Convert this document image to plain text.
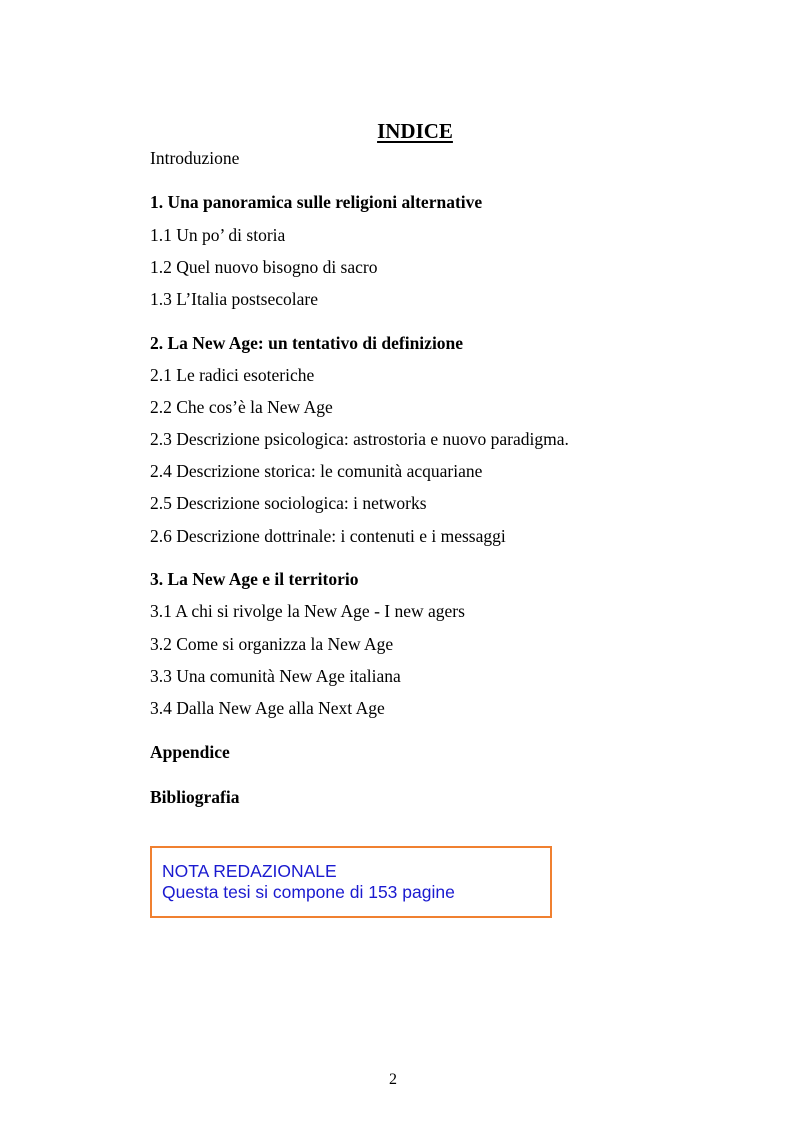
INDICE
Introduzione
1. Una panoramica sulle religioni alternative
1.1 Un po’ di storia
1.2 Quel nuovo bisogno di sacro
1.3 L’Italia postsecolare
2. La New Age: un tentativo di definizione
2.1 Le radici esoteriche
2.2 Che cos’è la New Age
2.3 Descrizione psicologica: astrostoria e nuovo paradigma.
2.4 Descrizione storica: le comunità acquariane
2.5 Descrizione sociologica: i networks
2.6 Descrizione dottrinale: i contenuti e i messaggi
3. La New Age e il territorio
3.1 A chi si rivolge la New Age - I new agers
3.2 Come si organizza la New Age
3.3 Una comunità New Age italiana
3.4 Dalla New Age alla Next Age
Appendice
Bibliografia
NOTA REDAZIONALE
Questa tesi si compone di 153 pagine
2
